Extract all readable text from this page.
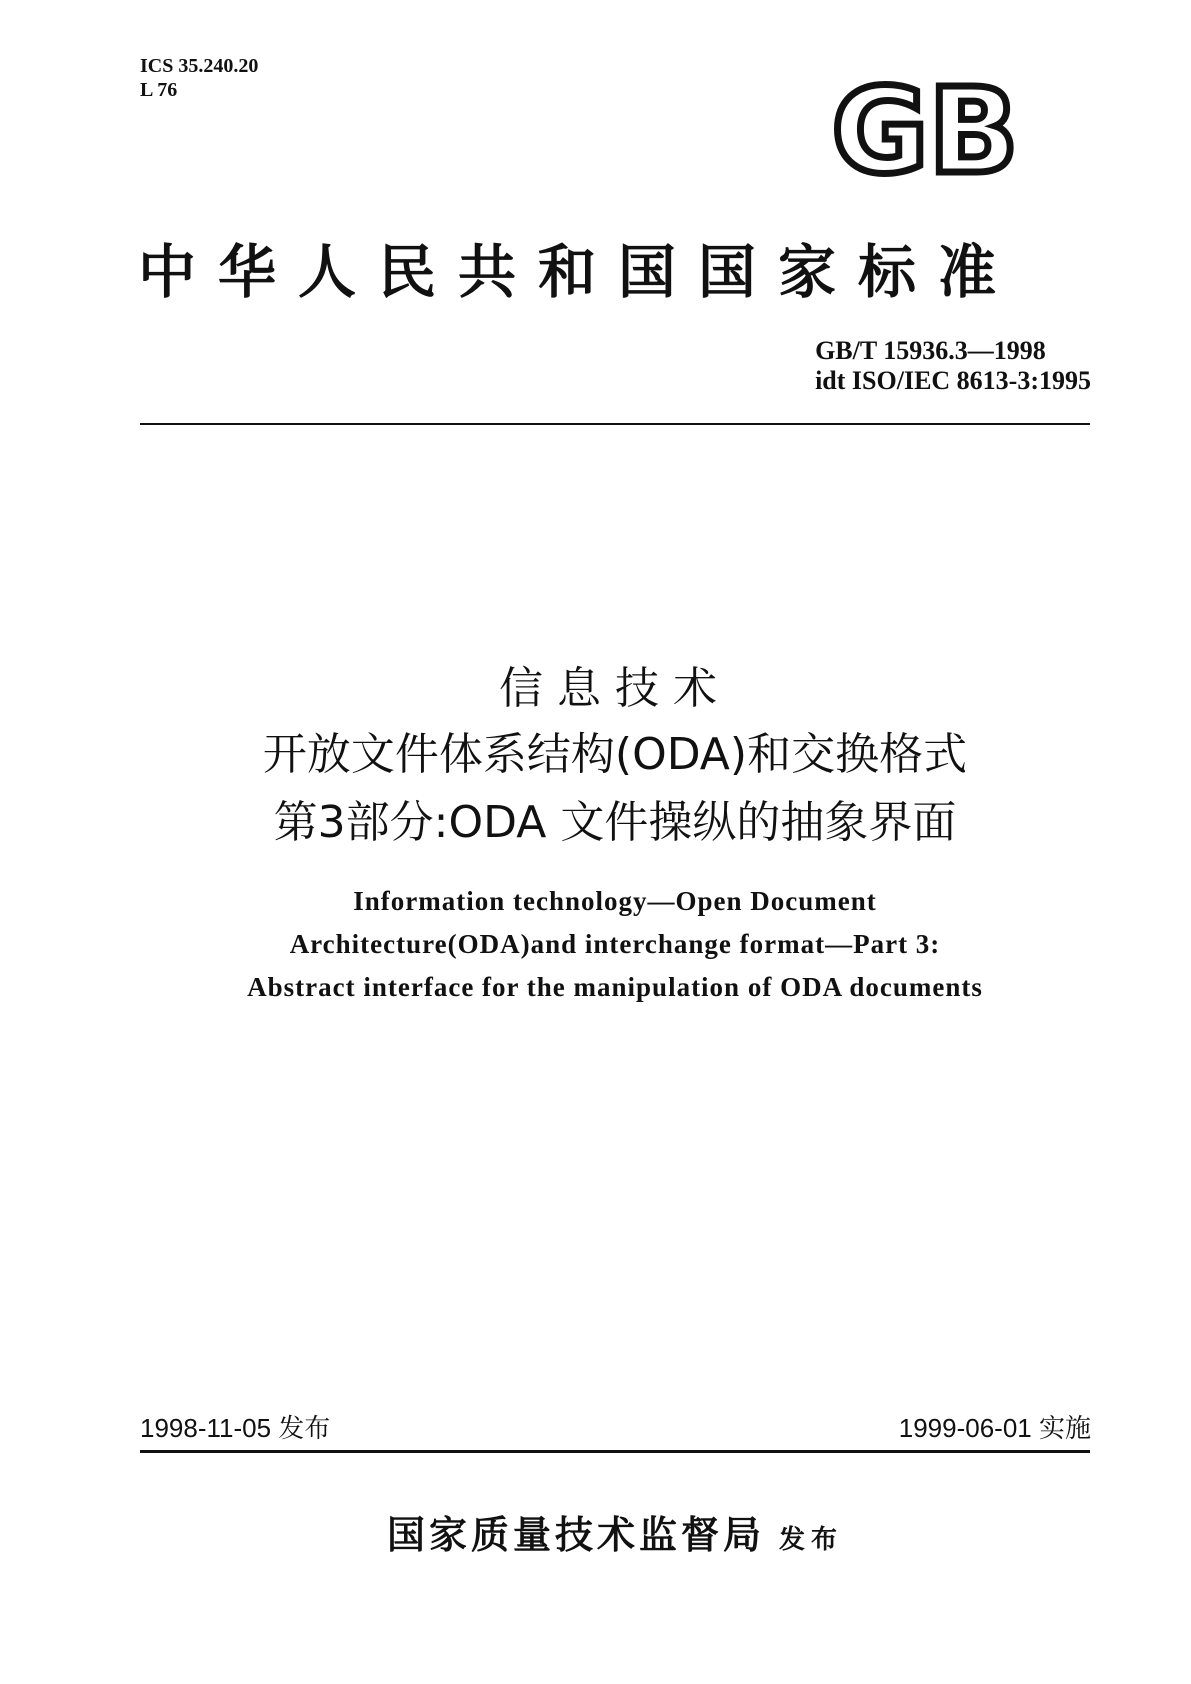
ICS 35.240.20
L 76	GB
中华人民共和国国家标准
GB/T 15936.3—1998
idt ISO/IEC 8613-3:1995
信息技术
开放文件体系结构(ODA)和交换格式
第3部分:ODA 文件操纵的抽象界面
Information technology—Open Document
Architecture(ODA)and interchange format—Part 3:
Abstract interface for the manipulation of ODA documents
1998-11-05 发布	1999-06-01 实施
国家质量技术监督局 发布
